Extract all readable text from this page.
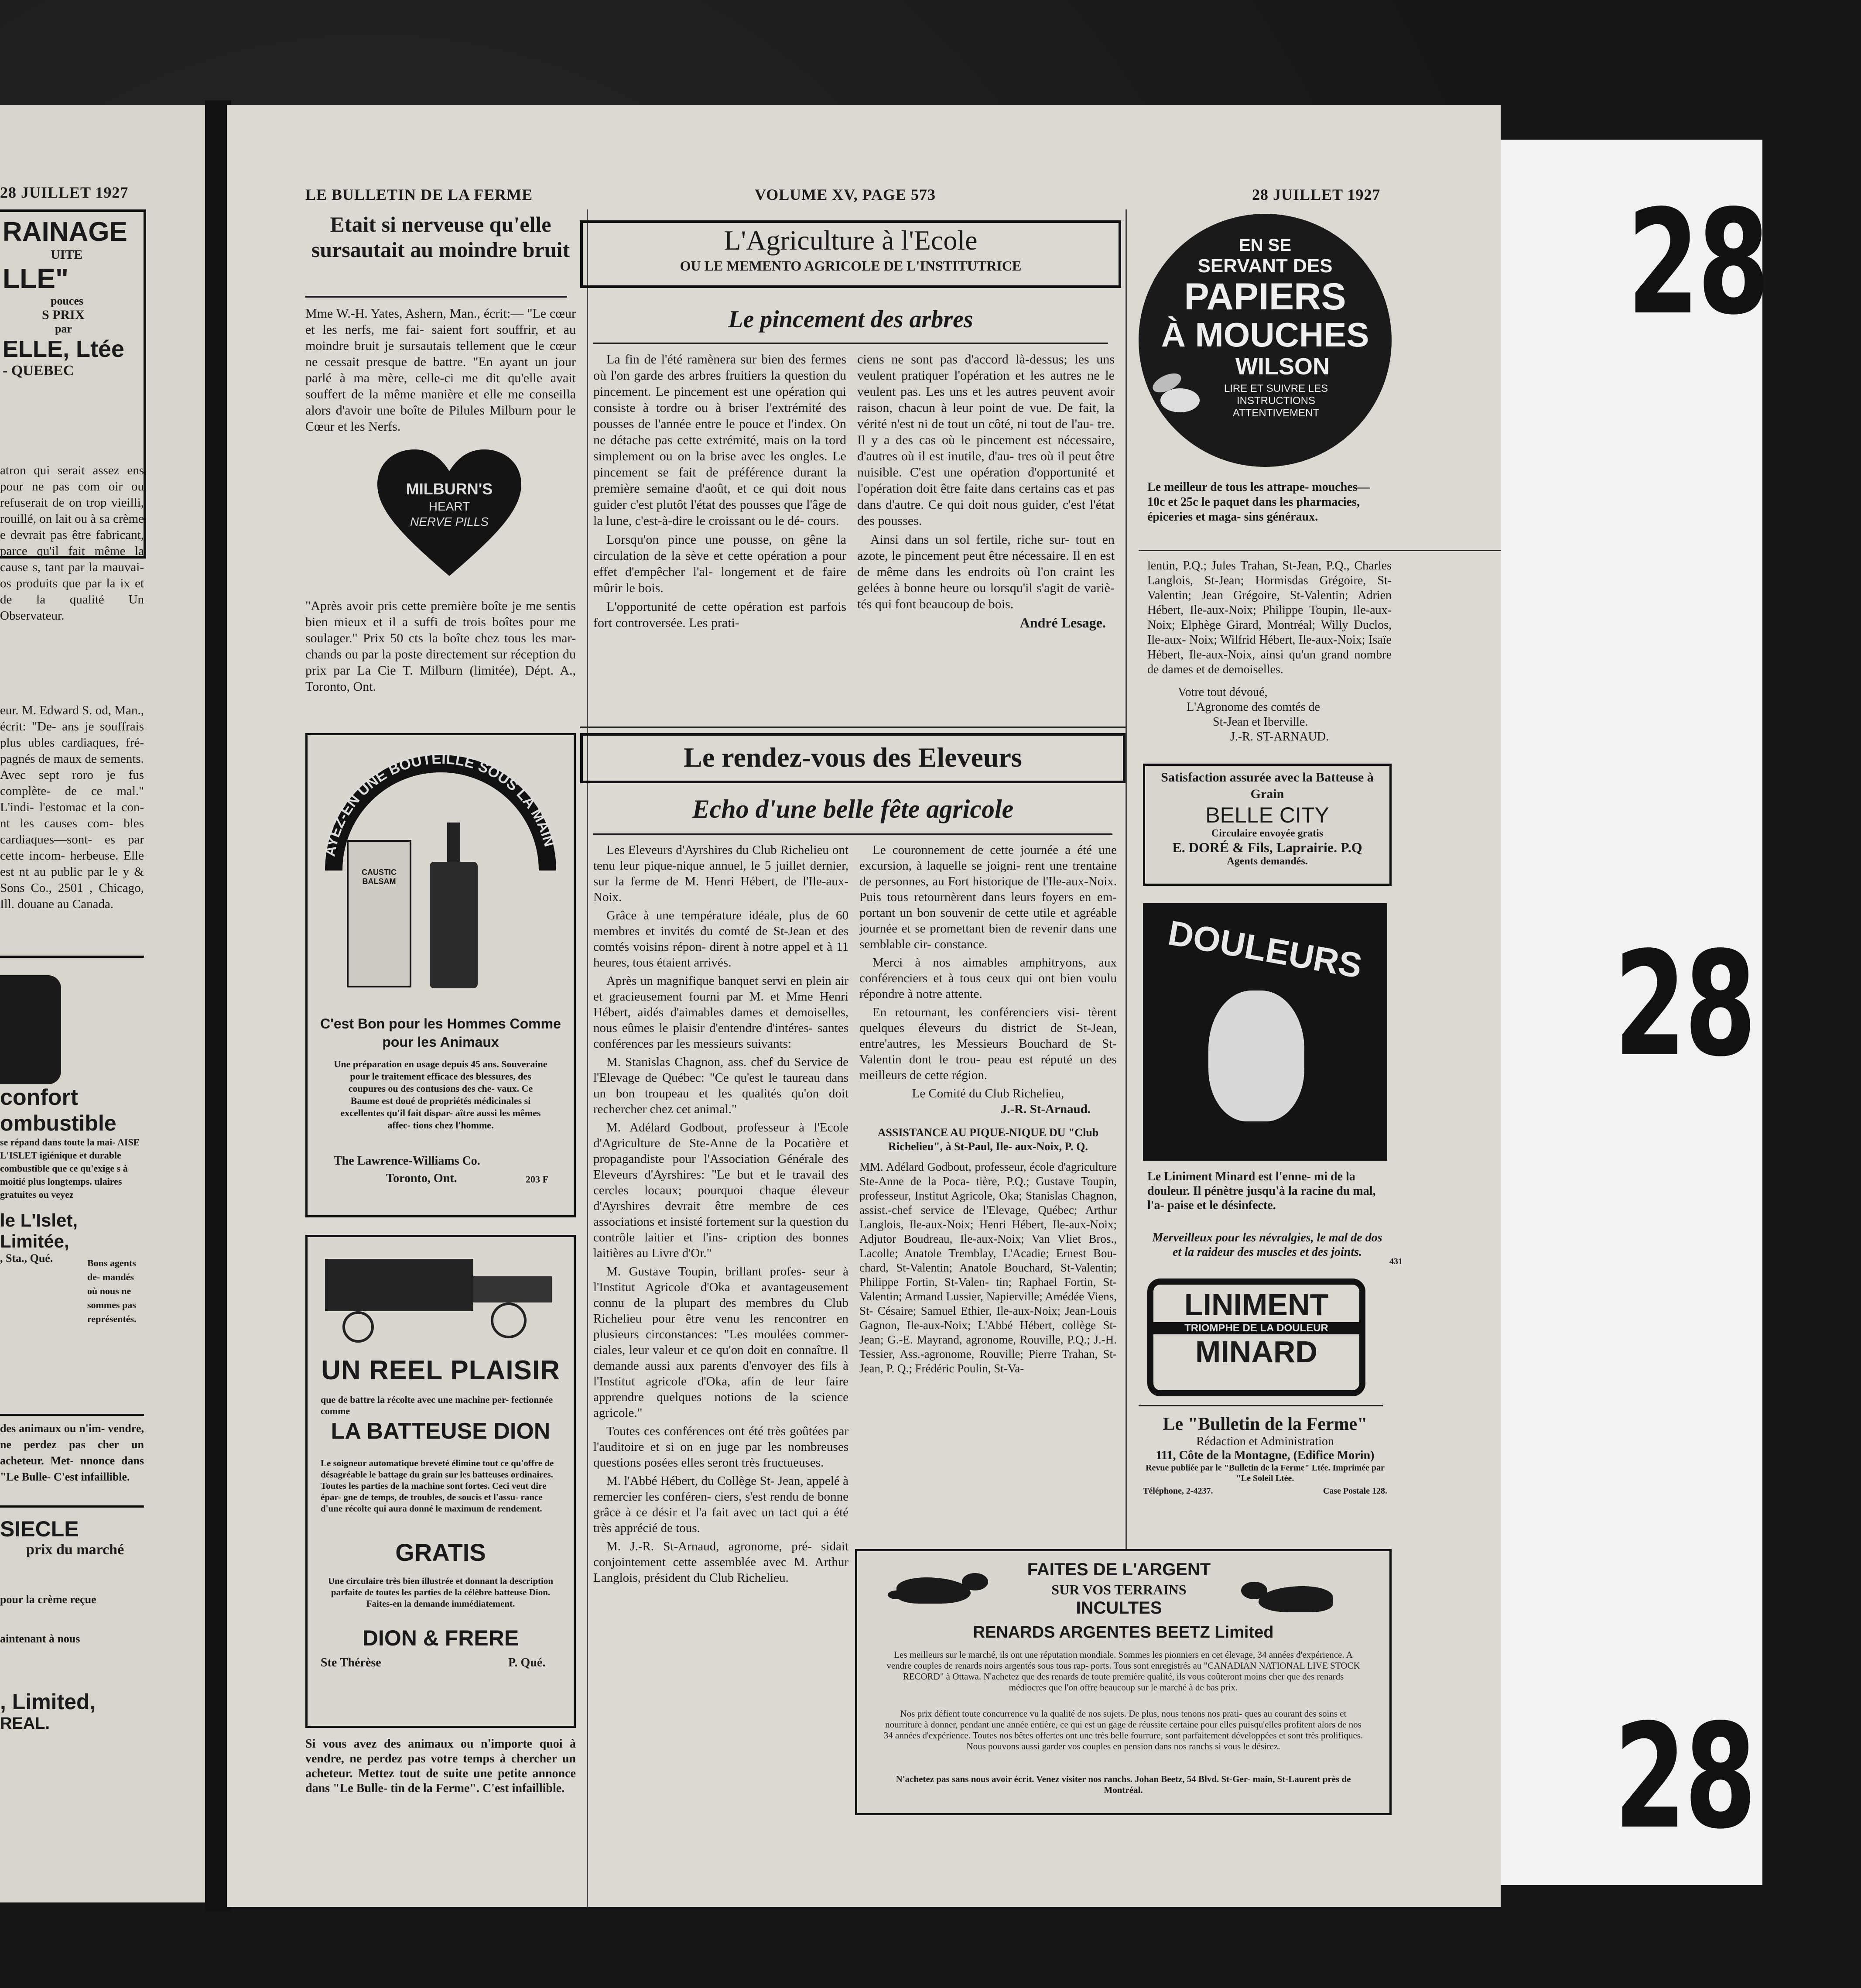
28 JUILLET 1927
RAINAGE
UITE
LLE"
pouces
S PRIX
par
ELLE, Ltée
- QUEBEC
atron qui serait assez ens pour ne pas com oir ou refuserait de on trop vieilli, rouillé, on lait ou à sa crème e devrait pas être fabricant, parce qu'il fait même la cause s, tant par la mauvai- os produits que par la ix et de la qualité Un Observateur.
eur. M. Edward S. od, Man., écrit: "De- ans je souffrais plus ubles cardiaques, fré- pagnés de maux de sements. Avec sept roro je fus complète- de ce mal." L'indi- l'estomac et la con- nt les causes com- bles cardiaques—sont- es par cette incom- herbeuse. Elle est nt au public par le y & Sons Co., 2501 , Chicago, Ill. douane au Canada.
confort
ombustible
se répand dans toute la mai- AISE L'ISLET igiénique et durable combustible que ce qu'exige s à moitié plus longtemps. ulaires gratuites ou veyez
le L'Islet, Limitée,
, Sta., Qué.	Bons agents de- mandés où nous ne sommes pas représentés.
des animaux ou n'im- vendre, ne perdez pas cher un acheteur. Met- nnonce dans "Le Bulle- C'est infaillible.
SIECLE
prix du marché
pour la crème reçue
aintenant à nous
, Limited,
REAL.
LE BULLETIN DE LA FERME	VOLUME XV, PAGE 573	28 JUILLET 1927
Etait si nerveuse qu'elle sursautait au moindre bruit
Mme W.-H. Yates, Ashern, Man., écrit:— "Le cœur et les nerfs, me fai- saient fort souffrir, et au moindre bruit je sursautais tellement que le cœur ne cessait presque de battre. "En ayant un jour parlé à ma mère, celle-ci me dit qu'elle avait souffert de la même manière et elle me conseilla alors d'avoir une boîte de Pilules Milburn pour le Cœur et les Nerfs.
MILBURN'S
HEART
NERVE PILLS
"Après avoir pris cette première boîte je me sentis bien mieux et il a suffi de trois boîtes pour me soulager." Prix 50 cts la boîte chez tous les mar- chands ou par la poste directement sur réception du prix par La Cie T. Milburn (limitée), Dépt. A., Toronto, Ont.
AYEZ-EN UNE BOUTEILLE SOUS LA MAIN
CAUSTIC BALSAM
C'est Bon pour les Hommes Comme pour les Animaux
Une préparation en usage depuis 45 ans. Souveraine pour le traitement efficace des blessures, des coupures ou des contusions des che- vaux. Ce Baume est doué de propriétés médicinales si excellentes qu'il fait dispar- aître aussi les mêmes affec- tions chez l'homme.
The Lawrence-Williams Co.
Toronto, Ont.	203 F
UN REEL PLAISIR
que de battre la récolte avec une machine per- fectionnée comme
LA BATTEUSE DION
Le soigneur automatique breveté élimine tout ce qu'offre de désagréable le battage du grain sur les batteuses ordinaires. Toutes les parties de la machine sont fortes. Ceci veut dire épar- gne de temps, de troubles, de soucis et l'assu- rance d'une récolte qui aura donné le maximum de rendement.
GRATIS
Une circulaire très bien illustrée et donnant la description parfaite de toutes les parties de la célèbre batteuse Dion. Faites-en la demande immédiatement.
DION & FRERE
Ste Thérèse	P. Qué.
Si vous avez des animaux ou n'importe quoi à vendre, ne perdez pas votre temps à chercher un acheteur. Mettez tout de suite une petite annonce dans "Le Bulle- tin de la Ferme". C'est infaillible.
L'Agriculture à l'Ecole
OU LE MEMENTO AGRICOLE DE L'INSTITUTRICE
Le pincement des arbres

La fin de l'été ramènera sur bien des fermes où l'on garde des arbres fruitiers la question du pincement. Le pincement est une opération qui consiste à tordre ou à briser l'extrémité des pousses de l'année entre le pouce et l'index. On ne détache pas cette extrémité, mais on la tord simplement ou on la brise avec les ongles. Le pincement se fait de préférence durant la première semaine d'août, et ce qui doit nous guider c'est plutôt l'état des pousses que l'âge de la lune, c'est-à-dire le croissant ou le dé- cours.

Lorsqu'on pince une pousse, on gêne la circulation de la sève et cette opération a pour effet d'empêcher l'al- longement et de faire mûrir le bois.

L'opportunité de cette opération est parfois fort controversée. Les prati-

ciens ne sont pas d'accord là-dessus; les uns veulent pratiquer l'opération et les autres ne le veulent pas. Les uns et les autres peuvent avoir raison, chacun à leur point de vue. De fait, la vérité n'est ni de tout un côté, ni tout de l'au- tre. Il y a des cas où le pincement est nécessaire, d'autres où il est inutile, d'au- tres où il peut être nuisible. C'est une opération d'opportunité et l'opération doit être faite dans certains cas et pas dans d'autre. Ce qui doit nous guider, c'est l'état des pousses.

Ainsi dans un sol fertile, riche sur- tout en azote, le pincement peut être nécessaire. Il en est de même dans les endroits où l'on craint les gelées à bonne heure ou lorsqu'il s'agit de variè- tés qui font beaucoup de bois.

André Lesage.
Le rendez-vous des Eleveurs
Echo d'une belle fête agricole

Les Eleveurs d'Ayrshires du Club Richelieu ont tenu leur pique-nique annuel, le 5 juillet dernier, sur la ferme de M. Henri Hébert, de l'Ile-aux-Noix.

Grâce à une température idéale, plus de 60 membres et invités du comté de St-Jean et des comtés voisins répon- dirent à notre appel et à 11 heures, tous étaient arrivés.

Après un magnifique banquet servi en plein air et gracieusement fourni par M. et Mme Henri Hébert, aidés d'aimables dames et demoiselles, nous eûmes le plaisir d'entendre d'intéres- santes conférences par les messieurs suivants:

M. Stanislas Chagnon, ass. chef du Service de l'Elevage de Québec: "Ce qu'est le taureau dans un bon troupeau et les qualités qu'on doit rechercher chez cet animal."

M. Adélard Godbout, professeur à l'Ecole d'Agriculture de Ste-Anne de la Pocatière et propagandiste pour l'Association Générale des Eleveurs d'Ayrshires: "Le but et le travail des cercles locaux; pourquoi chaque éleveur d'Ayrshires devrait être membre de ces associations et insisté fortement sur la question du contrôle laitier et l'ins- cription des bonnes laitières au Livre d'Or."

M. Gustave Toupin, brillant profes- seur à l'Institut Agricole d'Oka et avantageusement connu de la plupart des membres du Club Richelieu pour être venu les rencontrer en plusieurs circonstances: "Les moulées commer- ciales, leur valeur et ce qu'on doit en connaître. Il demande aussi aux parents d'envoyer des fils à l'Institut agricole d'Oka, afin de leur faire apprendre quelques notions de la science agricole."

Toutes ces conférences ont été très goûtées par l'auditoire et si on en juge par les nombreuses questions posées elles seront très fructueuses.

M. l'Abbé Hébert, du Collège St- Jean, appelé à remercier les conféren- ciers, s'est rendu de bonne grâce à ce désir et l'a fait avec un tact qui a été très apprécié de tous.

M. J.-R. St-Arnaud, agronome, pré- sidait conjointement cette assemblée avec M. Arthur Langlois, président du Club Richelieu.

Le couronnement de cette journée a été une excursion, à laquelle se joigni- rent une trentaine de personnes, au Fort historique de l'Ile-aux-Noix. Puis tous retournèrent dans leurs foyers en em- portant un bon souvenir de cette utile et agréable journée et se promettant bien de revenir dans une semblable cir- constance.

Merci à nos aimables amphitryons, aux conférenciers et à tous ceux qui ont bien voulu répondre à notre attente.

En retournant, les conférenciers visi- tèrent quelques éleveurs du district de St-Jean, entre'autres, les Messieurs Bouchard de St-Valentin dont le trou- peau est réputé un des meilleurs de cette région.

Le Comité du Club Richelieu,
J.-R. St-Arnaud.
ASSISTANCE AU PIQUE-NIQUE DU "Club Richelieu", à St-Paul, Ile- aux-Noix, P. Q.
MM. Adélard Godbout, professeur, école d'agriculture Ste-Anne de la Poca- tière, P.Q.; Gustave Toupin, professeur, Institut Agricole, Oka; Stanislas Chagnon, assist.-chef service de l'Elevage, Québec; Arthur Langlois, Ile-aux-Noix; Henri Hébert, Ile-aux-Noix; Adjutor Boudreau, Ile-aux-Noix; Van Vliet Bros., Lacolle; Anatole Tremblay, L'Acadie; Ernest Bou- chard, St-Valentin; Anatole Bouchard, St-Valentin; Philippe Fortin, St-Valen- tin; Raphael Fortin, St-Valentin; Armand Lussier, Napierville; Amédée Viens, St- Césaire; Samuel Ethier, Ile-aux-Noix; Jean-Louis Gagnon, Ile-aux-Noix; L'Abbé Hébert, collège St-Jean; G.-E. Mayrand, agronome, Rouville, P.Q.; J.-H. Tessier, Ass.-agronome, Rouville; Pierre Trahan, St-Jean, P. Q.; Frédéric Poulin, St-Va-
EN SE
SERVANT DES
PAPIERS
À MOUCHES
WILSON
LIRE ET SUIVRE LES INSTRUCTIONS ATTENTIVEMENT
Le meilleur de tous les attrape- mouches—10c et 25c le paquet dans les pharmacies, épiceries et maga- sins généraux.
lentin, P.Q.; Jules Trahan, St-Jean, P.Q., Charles Langlois, St-Jean; Hormisdas Grégoire, St-Valentin; Jean Grégoire, St-Valentin; Adrien Hébert, Ile-aux-Noix; Philippe Toupin, Ile-aux-Noix; Elphège Girard, Montréal; Willy Duclos, Ile-aux- Noix; Wilfrid Hébert, Ile-aux-Noix; Isaïe Hébert, Ile-aux-Noix, ainsi qu'un grand nombre de dames et de demoiselles.
Votre tout dévoué,
L'Agronome des comtés de
St-Jean et Iberville.
J.-R. ST-ARNAUD.
Satisfaction assurée avec la Batteuse à Grain
BELLE CITY
Circulaire envoyée gratis
E. DORÉ & Fils, Laprairie. P.Q
Agents demandés.
DOULEURS
Le Liniment Minard est l'enne- mi de la douleur. Il pénètre jusqu'à la racine du mal, l'a- paise et le désinfecte.
Merveilleux pour les névralgies, le mal de dos et la raideur des muscles et des joints.
431
LINIMENT
TRIOMPHE DE LA DOULEUR
MINARD
Le "Bulletin de la Ferme"
Rédaction et Administration
111, Côte de la Montagne, (Edifice Morin)
Revue publiée par le "Bulletin de la Ferme" Ltée. Imprimée par "Le Soleil Ltée.
Téléphone, 2-4237.	Case Postale 128.
FAITES DE L'ARGENT
SUR VOS TERRAINS
INCULTES
RENARDS ARGENTES BEETZ Limited
Les meilleurs sur le marché, ils ont une réputation mondiale. Sommes les pionniers en cet élevage, 34 années d'expérience. A vendre couples de renards noirs argentés sous tous rap- ports. Tous sont enregistrés au "CANADIAN NATIONAL LIVE STOCK RECORD" à Ottawa. N'achetez que des renards de toute première qualité, ils vous coûteront moins cher que des renards médiocres que l'on offre beaucoup sur le marché à de bas prix.
Nos prix défient toute concurrence vu la qualité de nos sujets. De plus, nous tenons nos prati- ques au courant des soins et nourriture à donner, pendant une année entière, ce qui est un gage de réussite certaine pour elles puisqu'elles profitent alors de nos 34 années d'expérience. Toutes nos bêtes offertes ont une très belle fourrure, sont parfaitement développées et sont très prolifiques. Nous pouvons aussi garder vos couples en pension dans nos ranchs si vous le désirez.
N'achetez pas sans nous avoir écrit. Venez visiter nos ranchs. Johan Beetz, 54 Blvd. St-Ger- main, St-Laurent près de Montréal.
28
28
28
